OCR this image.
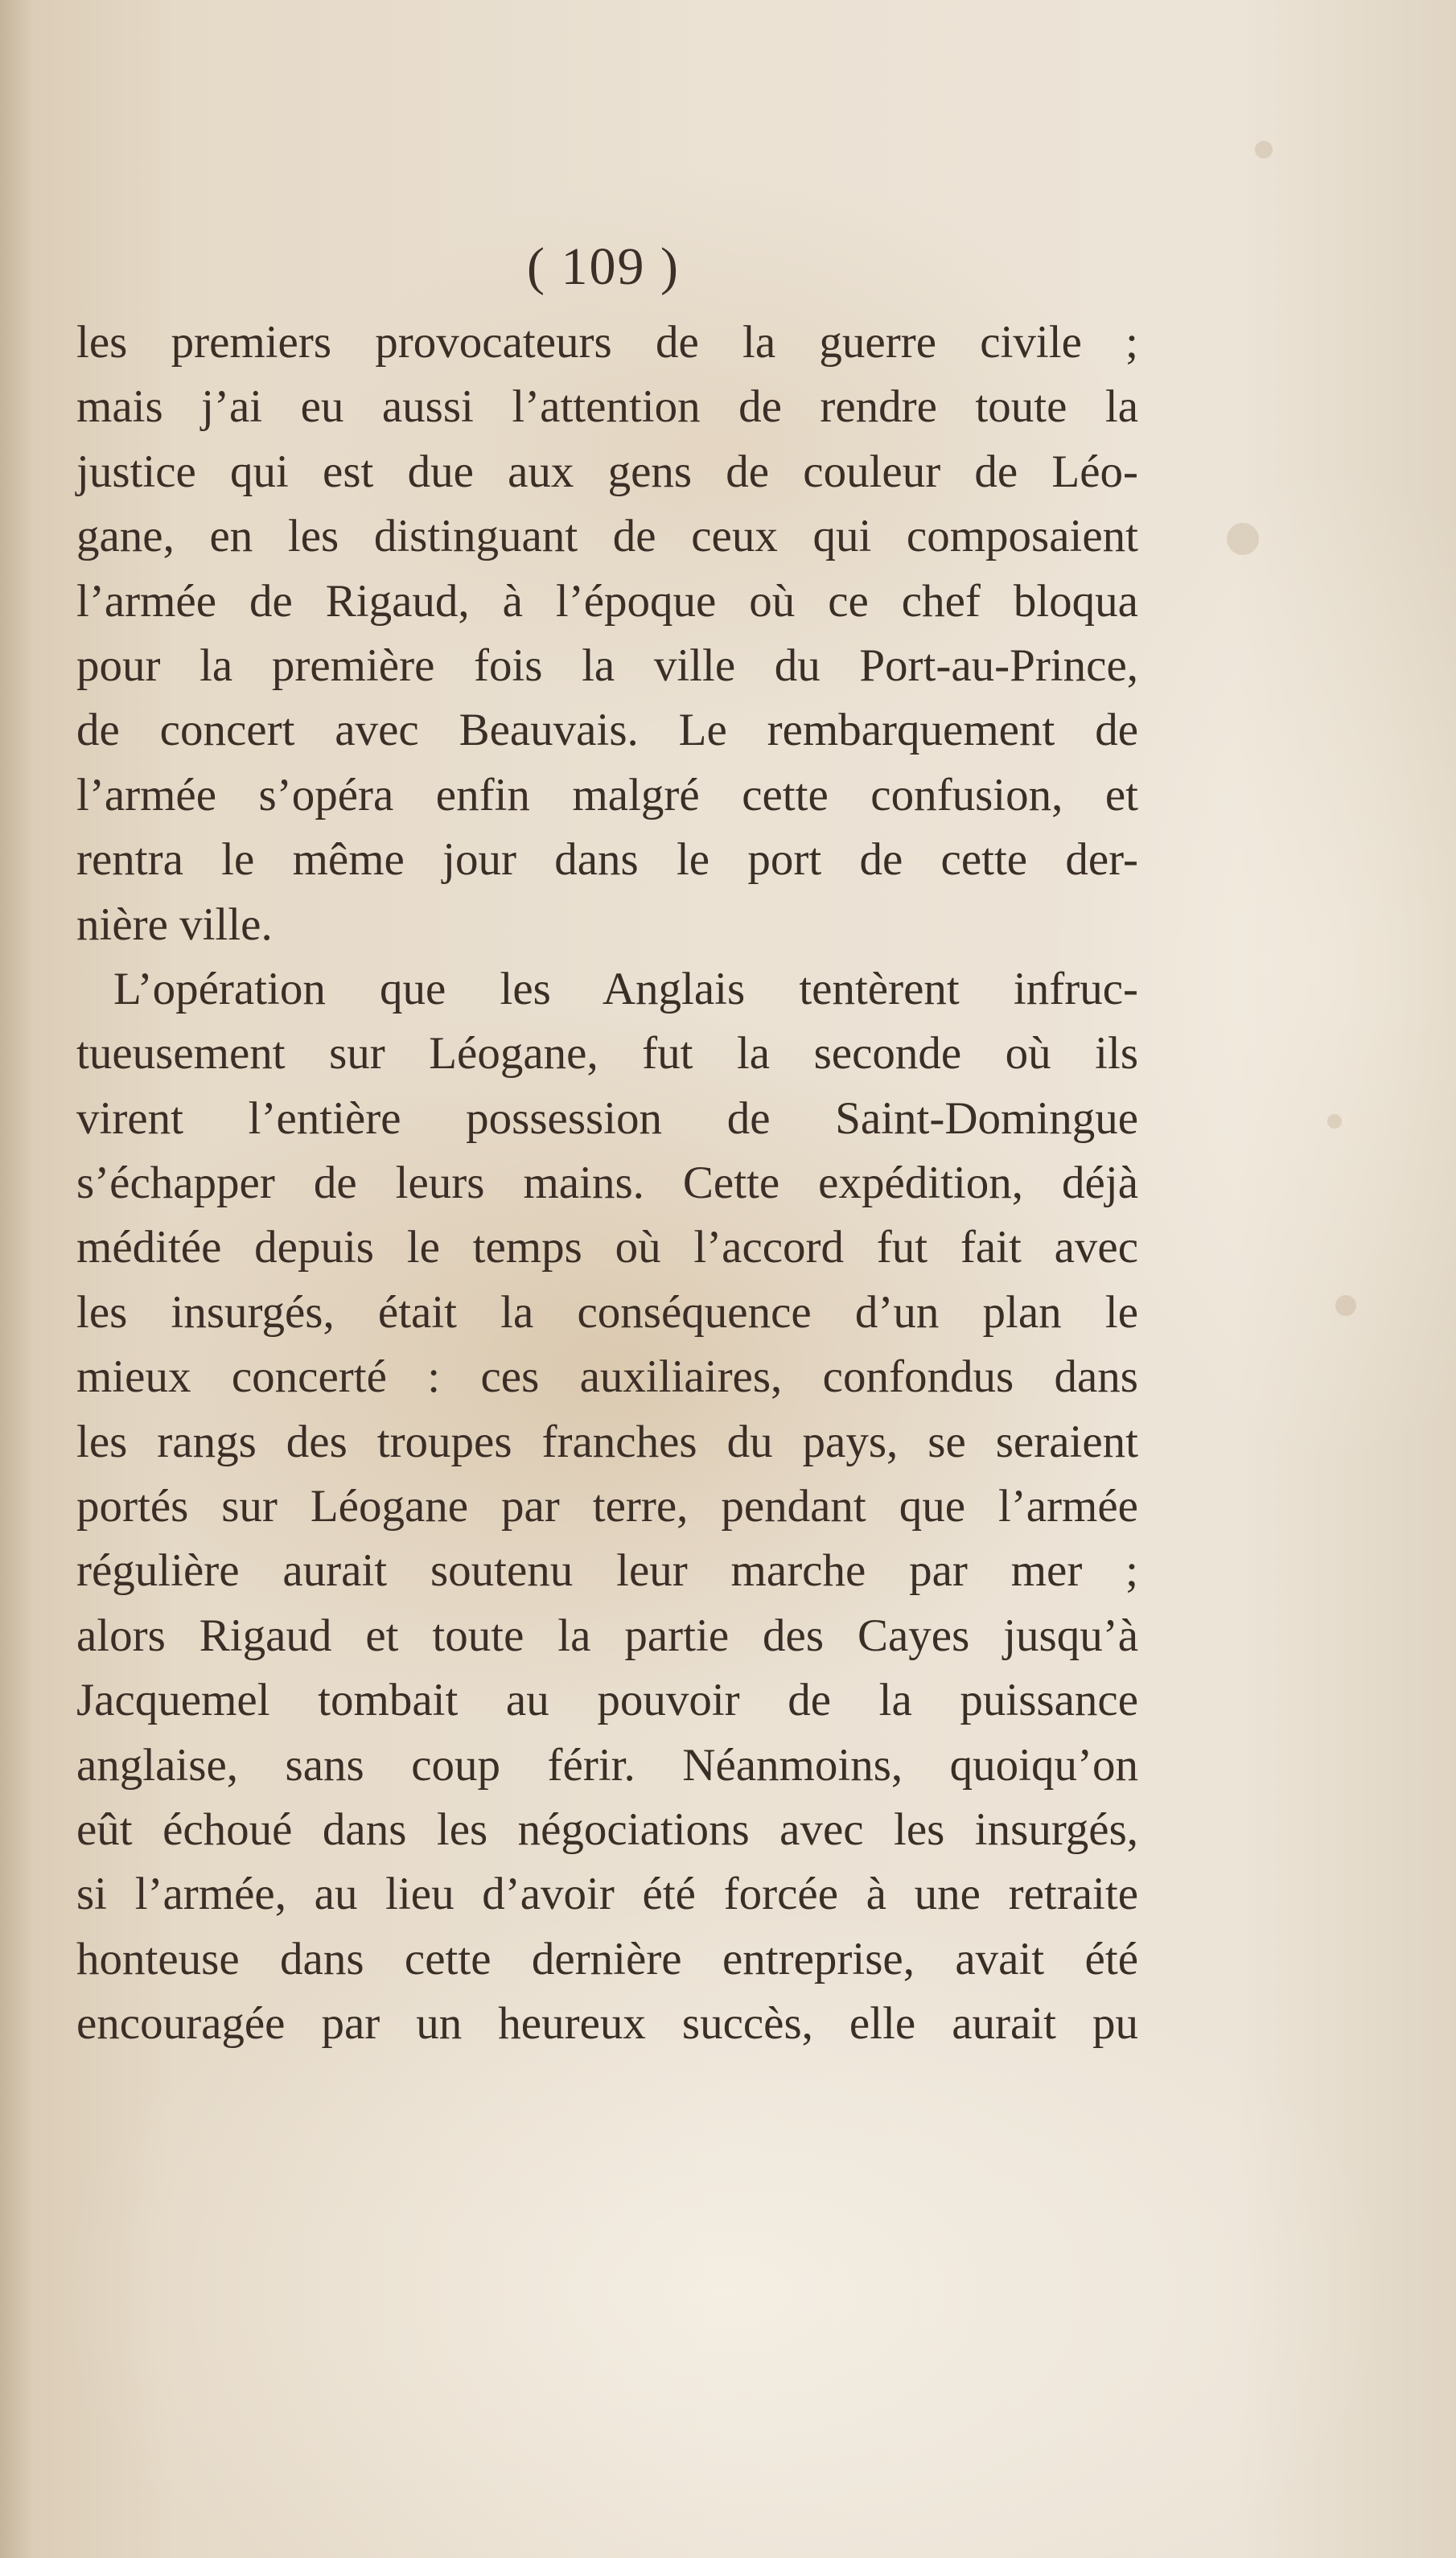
( 109 )
les premiers provocateurs de la guerre civile ;
mais j’ai eu aussi l’attention de rendre toute la
justice qui est due aux gens de couleur de Léo-
gane, en les distinguant de ceux qui composaient
l’armée de Rigaud, à l’époque où ce chef bloqua
pour la première fois la ville du Port-au-Prince,
de concert avec Beauvais. Le rembarquement de
l’armée s’opéra enfin malgré cette confusion, et
rentra le même jour dans le port de cette der-
nière ville.
L’opération que les Anglais tentèrent infruc-
tueusement sur Léogane, fut la seconde où ils
virent l’entière possession de Saint-Domingue
s’échapper de leurs mains. Cette expédition, déjà
méditée depuis le temps où l’accord fut fait avec
les insurgés, était la conséquence d’un plan le
mieux concerté : ces auxiliaires, confondus dans
les rangs des troupes franches du pays, se seraient
portés sur Léogane par terre, pendant que l’armée
régulière aurait soutenu leur marche par mer ;
alors Rigaud et toute la partie des Cayes jusqu’à
Jacquemel tombait au pouvoir de la puissance
anglaise, sans coup férir. Néanmoins, quoiqu’on
eût échoué dans les négociations avec les insurgés,
si l’armée, au lieu d’avoir été forcée à une retraite
honteuse dans cette dernière entreprise, avait été
encouragée par un heureux succès, elle aurait pu
